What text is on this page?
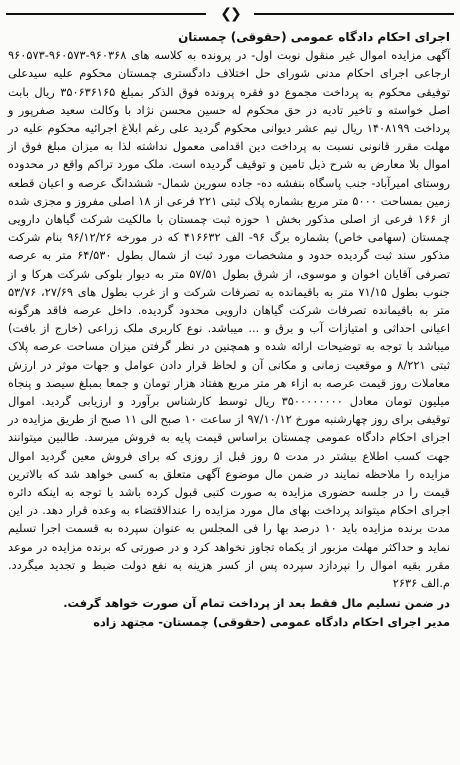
❮❯

اجرای احکام دادگاه عمومی (حقوقی) چمستان

آگهی مزایده اموال غیر منقول نوبت اول- در پرونده به کلاسه های ۹۶۰۳۶۸-۹۶۰۵۷۳-۹۶۰۵۷۳ ارجاعی اجرای احکام مدنی شورای حل اختلاف دادگستری چمستان محکوم علیه سیدعلی توفیقی محکوم به پرداخت مجموع دو فقره پرونده فوق الذکر بمبلغ ۳۵۰۶۳۶۱۶۵ ریال بابت اصل خواسته و تاخیر تادیه در حق محکوم له حسین محسن نژاد با وکالت سعید صفرپور و پرداخت ۱۴۰۸۱۹۹ ریال نیم عشر دیوانی محکوم گردید علی رغم ابلاغ اجرائیه محکوم علیه در مهلت مقرر قانونی نسبت به پرداخت دین اقدامی معمول نداشته لذا به میزان مبلغ فوق از اموال بلا معارض به شرح ذیل تامین و توقیف گردیده است. ملک مورد تراکم واقع در محدوده روستای امیرآباد- جنب پاسگاه بنفشه ده- جاده سورین شمال- ششدانگ عرصه و اعیان قطعه زمین بمساحت ۵۰۰۰ متر مربع بشماره پلاک ثبتی ۲۲۱ فرعی از ۱۸ اصلی مفروز و مجزی شده از ۱۶۶ فرعی از اصلی مذکور بخش ۱ حوزه ثبت چمستان با مالکیت شرکت گیاهان دارویی چمستان (سهامی خاص) بشماره برگ ۹۶- الف ۴۱۶۶۳۲ که در مورخه ۹۶/۱۲/۲۶ بنام شرکت مذکور سند ثبت گردیده حدود و مشخصات مورد ثبت از شمال بطول ۶۴/۵۳۰ متر به عرصه تصرفی آقایان اخوان و موسوی، از شرق بطول ۵۷/۵۱ متر به دیوار بلوکی شرکت هرکا و از جنوب بطول ۷۱/۱۵ متر به باقیمانده به تصرفات شرکت و از غرب بطول های ۲۷/۶۹، ۵۳/۷۶ متر به باقیمانده تصرفات شرکت گیاهان دارویی محدود گردیده. داخل عرصه فاقد هرگونه اعیانی احداثی و امتیازات آب و برق و ... میباشد. نوع کاربری ملک زراعی (خارج از بافت) میباشد با توجه به توضیحات ارائه شده و همچنین در نظر گرفتن میزان مساحت عرصه پلاک ثبتی ۸/۲۲۱ و موقعیت زمانی و مکانی آن و لحاظ قرار دادن عوامل و جهات موثر در ارزش معاملات روز قیمت عرصه به ازاء هر متر مربع هفتاد هزار تومان و جمعا بمبلغ سیصد و پنجاه میلیون تومان معادل ۳۵۰۰۰۰۰۰۰۰ ریال توسط کارشناس برآورد و ارزیابی گردید. اموال توقیفی برای روز چهارشنبه مورخ ۹۷/۱۰/۱۲ از ساعت ۱۰ صبح الی ۱۱ صبح از طریق مزایده در اجرای احکام دادگاه عمومی چمستان براساس قیمت پایه به فروش میرسد. طالبین میتوانند جهت کسب اطلاع بیشتر در مدت ۵ روز قبل از روزی که برای فروش معین گردید اموال مزایده را ملاحظه نمایند در ضمن مال موضوع آگهی متعلق به کسی خواهد شد که بالاترین قیمت را در جلسه حضوری مزایده به صورت کتبی قبول کرده باشد با توجه به اینکه دائره اجرای احکام میتواند پرداخت بهای مال مورد مزایده را عندالاقتضاء به وعده قرار دهد. در این مدت برنده مزایده باید ۱۰ درصد بها را فی المجلس به عنوان سپرده به قسمت اجرا تسلیم نماید و حداکثر مهلت مزبور از یکماه تجاوز نخواهد کرد و در صورتی که برنده مزایده در موعد مقرر بقیه اموال را نپردازد سپرده پس از کسر هزینه به نفع دولت ضبط و تجدید میگردد. م.الف ۲۶۳۶

در ضمن تسلیم مال فقط بعد از پرداخت تمام آن صورت خواهد گرفت.

مدیر اجرای احکام دادگاه عمومی (حقوقی) چمستان- مجتهد زاده
